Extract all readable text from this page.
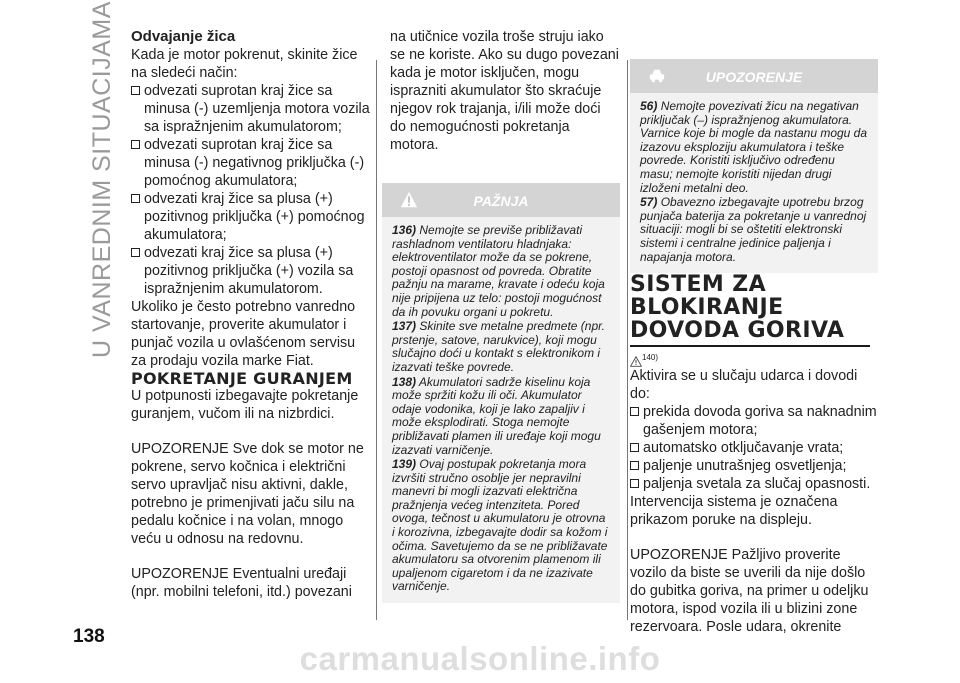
U VANREDNIM SITUACIJAMA
138
carmanualsonline.info

Odvajanje žica

Kada je motor pokrenut, skinite žice na sledeći način:

odvezati suprotan kraj žice sa minusa (-) uzemljenja motora vozila sa ispražnjenim akumulatorom;
odvezati suprotan kraj žice sa minusa (-) negativnog priključka (-) pomoćnog akumulatora;
odvezati kraj žice sa plusa (+) pozitivnog priključka (+) pomoćnog akumulatora;
odvezati kraj žice sa plusa (+) pozitivnog priključka (+) vozila sa ispražnjenim akumulatorom.

Ukoliko je često potrebno vanredno startovanje, proverite akumulator i punjač vozila u ovlašćenom servisu za prodaju vozila marke Fiat.

POKRETANJE GURANJEM

U potpunosti izbegavajte pokretanje guranjem, vučom ili na nizbrdici.

UPOZORENJE Sve dok se motor ne pokrene, servo kočnica i električni servo upravljač nisu aktivni, dakle, potrebno je primenjivati jaču silu na pedalu kočnice i na volan, mnogo veću u odnosu na redovnu.

UPOZORENJE Eventualni uređaji (npr. mobilni telefoni, itd.) povezani

na utičnice vozila troše struju iako se ne koriste. Ako su dugo povezani kada je motor isključen, mogu isprazniti akumulator što skraćuje njegov rok trajanja, i/ili može doći do nemogućnosti pokretanja motora.

PAŽNJA

136) Nemojte se previše približavati rashladnom ventilatoru hladnjaka: elektroventilator može da se pokrene, postoji opasnost od povreda. Obratite pažnju na marame, kravate i odeću koja nije pripijena uz telo: postoji mogućnost da ih povuku organi u pokretu.

137) Skinite sve metalne predmete (npr. prstenje, satove, narukvice), koji mogu slučajno doći u kontakt s elektronikom i izazvati teške povrede.

138) Akumulatori sadrže kiselinu koja može spržiti kožu ili oči. Akumulator odaje vodonika, koji je lako zapaljiv i može eksplodirati. Stoga nemojte približavati plamen ili uređaje koji mogu izazvati varničenje.

139) Ovaj postupak pokretanja mora izvršiti stručno osoblje jer nepravilni manevri bi mogli izazvati električna pražnjenja većeg intenziteta. Pored ovoga, tečnost u akumulatoru je otrovna i korozivna, izbegavajte dodir sa kožom i očima. Savetujemo da se ne približavate akumulatoru sa otvorenim plamenom ili upaljenom cigaretom i da ne izazivate varničenje.

UPOZORENJE

56) Nemojte povezivati žicu na negativan priključak (–) ispražnjenog akumulatora. Varnice koje bi mogle da nastanu mogu da izazovu eksploziju akumulatora i teške povrede. Koristiti isključivo određenu masu; nemojte koristiti nijedan drugi izloženi metalni deo.

57) Obavezno izbegavajte upotrebu brzog punjača baterija za pokretanje u vanrednoj situaciji: mogli bi se oštetiti elektronski sistemi i centralne jedinice paljenja i napajanja motora.

SISTEM ZA BLOKIRANJE DOVODA GORIVA

140)

Aktivira se u slučaju udarca i dovodi do:

prekida dovoda goriva sa naknadnim gašenjem motora;
automatsko otključavanje vrata;
paljenje unutrašnjeg osvetljenja;
paljenja svetala za slučaj opasnosti.

Intervencija sistema je označena prikazom poruke na displeju.

UPOZORENJE Pažljivo proverite vozilo da biste se uverili da nije došlo do gubitka goriva, na primer u odeljku motora, ispod vozila ili u blizini zone rezervoara. Posle udara, okrenite
